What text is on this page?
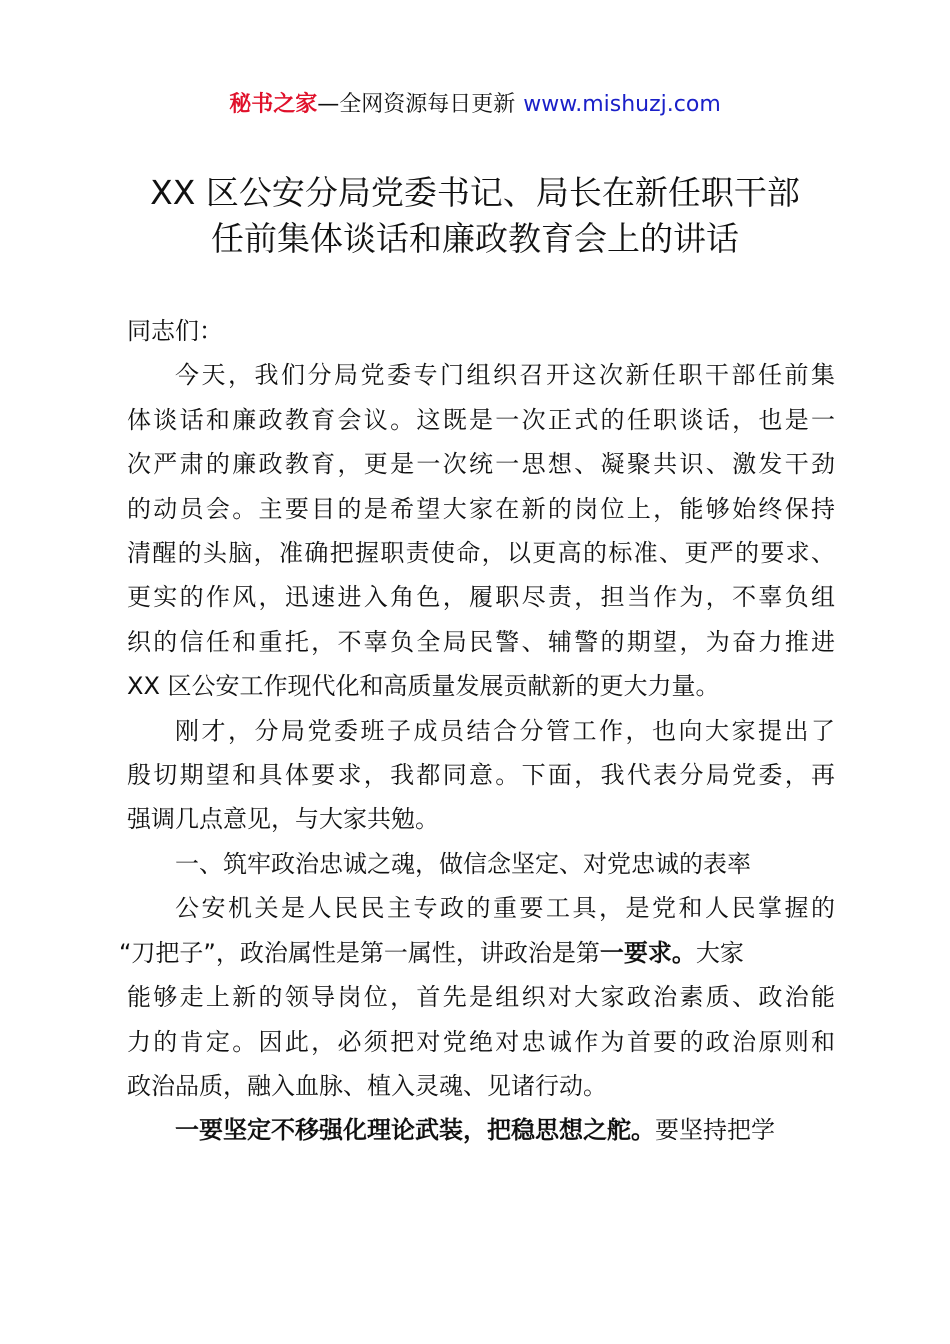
秘书之家—全网资源每日更新 www.mishuzj.com
XX 区公安分局党委书记、局长在新任职干部
任前集体谈话和廉政教育会上的讲话

同志们：

今天，我们分局党委专门组织召开这次新任职干部任前集
体谈话和廉政教育会议。这既是一次正式的任职谈话，也是一
次严肃的廉政教育，更是一次统一思想、凝聚共识、激发干劲
的动员会。主要目的是希望大家在新的岗位上，能够始终保持
清醒的头脑，准确把握职责使命，以更高的标准、更严的要求、
更实的作风，迅速进入角色，履职尽责，担当作为，不辜负组
织的信任和重托，不辜负全局民警、辅警的期望，为奋力推进
XX 区公安工作现代化和高质量发展贡献新的更大力量。

刚才，分局党委班子成员结合分管工作，也向大家提出了
殷切期望和具体要求，我都同意。下面，我代表分局党委，再
强调几点意见，与大家共勉。

一、筑牢政治忠诚之魂，做信念坚定、对党忠诚的表率

公安机关是人民民主专政的重要工具，是党和人民掌握的
“刀把子”，政治属性是第一属性，讲政治是第一要求。大家
能够走上新的领导岗位，首先是组织对大家政治素质、政治能
力的肯定。因此，必须把对党绝对忠诚作为首要的政治原则和
政治品质，融入血脉、植入灵魂、见诸行动。

一要坚定不移强化理论武装，把稳思想之舵。要坚持把学
